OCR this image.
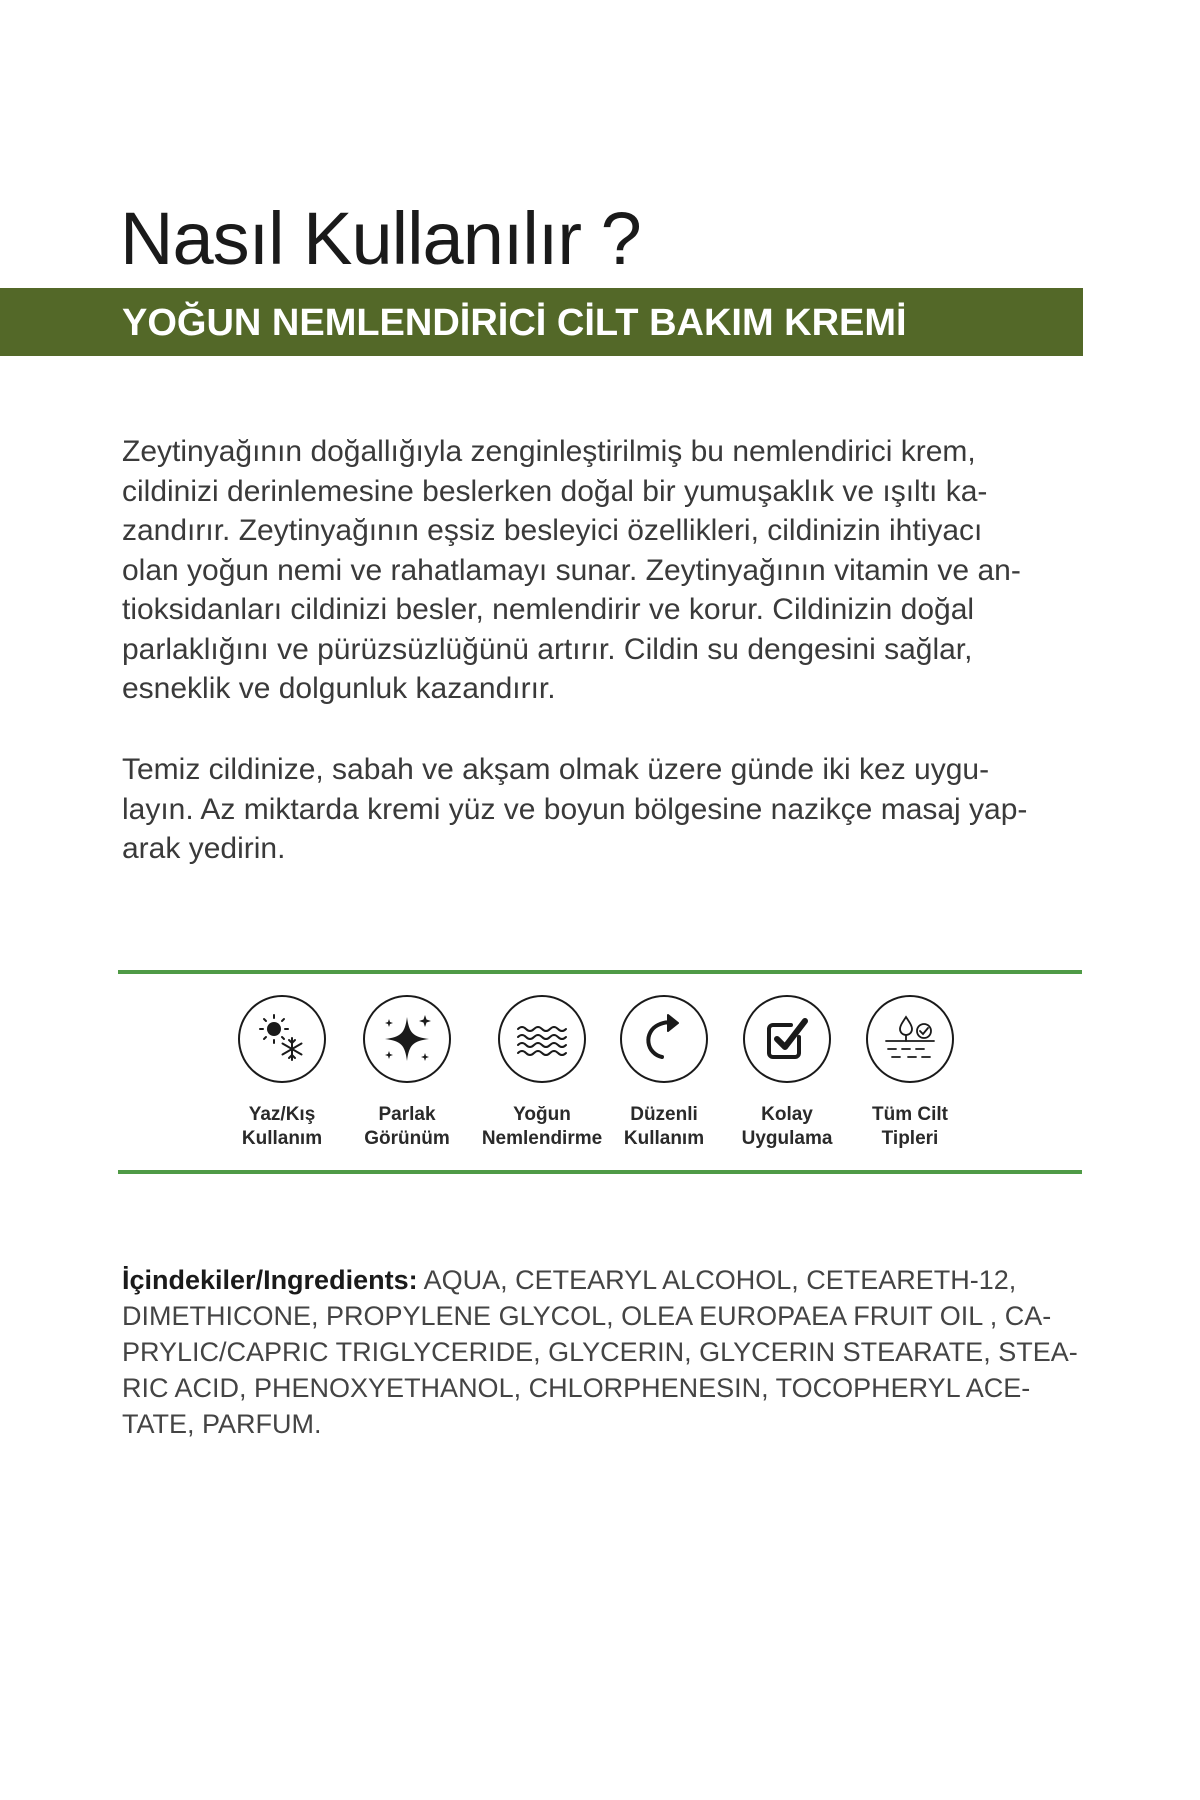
Nasıl Kullanılır ?
YOĞUN NEMLENDİRİCİ CİLT BAKIM KREMİ

Zeytinyağının doğallığıyla zenginleştirilmiş bu nemlendirici krem,

cildinizi derinlemesine beslerken doğal bir yumuşaklık ve ışıltı ka-

zandırır. Zeytinyağının eşsiz besleyici özellikleri, cildinizin ihtiyacı

olan yoğun nemi ve rahatlamayı sunar. Zeytinyağının vitamin ve an-

tioksidanları cildinizi besler, nemlendirir ve korur. Cildinizin doğal

parlaklığını ve pürüzsüzlüğünü artırır. Cildin su dengesini sağlar,

esneklik ve dolgunluk kazandırır.

Temiz cildinize, sabah ve akşam olmak üzere günde iki kez uygu-

layın. Az miktarda kremi yüz ve boyun bölgesine nazikçe masaj yap-

arak yedirin.

Yaz/Kış
Kullanım
Parlak
Görünüm
Yoğun
Nemlendirme
Düzenli
Kullanım
Kolay
Uygulama
Tüm Cilt
Tipleri

İçindekiler/Ingredients: AQUA, CETEARYL ALCOHOL, CETEARETH-12,

DIMETHICONE, PROPYLENE GLYCOL, OLEA EUROPAEA FRUIT OIL , CA-

PRYLIC/CAPRIC TRIGLYCERIDE, GLYCERIN, GLYCERIN STEARATE, STEA-

RIC ACID, PHENOXYETHANOL, CHLORPHENESIN, TOCOPHERYL ACE-

TATE, PARFUM.
